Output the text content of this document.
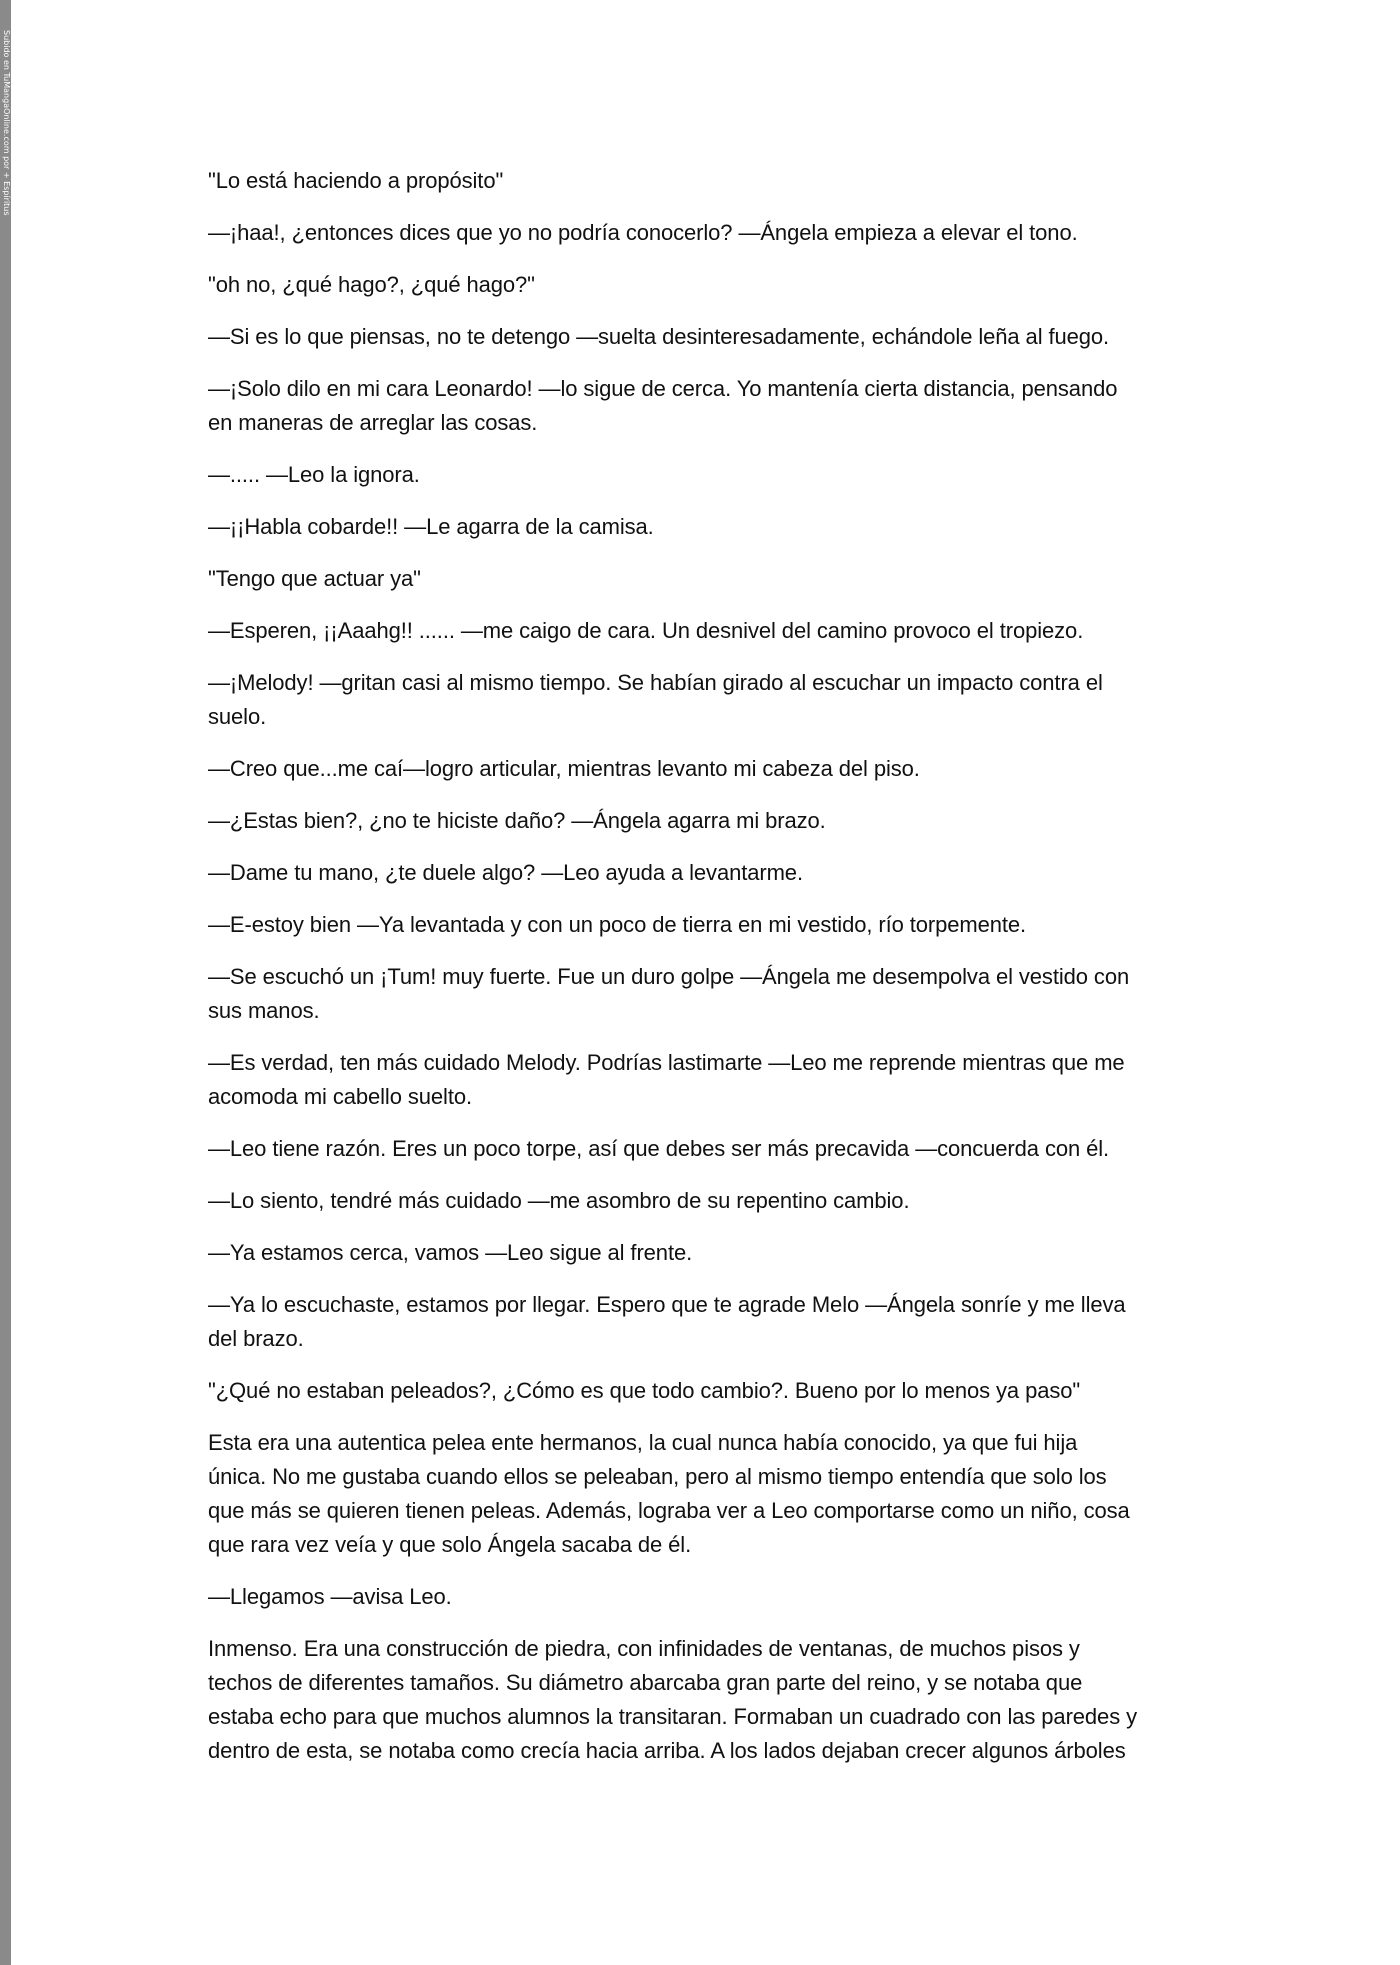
Subido en TuMangaOnline.com por + Espíritus	"Lo está haciendo a propósito"

—¡haa!, ¿entonces dices que yo no podría conocerlo? —Ángela empieza a elevar el tono.

"oh no, ¿qué hago?, ¿qué hago?"

—Si es lo que piensas, no te detengo —suelta desinteresadamente, echándole leña al fuego.

—¡Solo dilo en mi cara Leonardo! —lo sigue de cerca. Yo mantenía cierta distancia, pensando
en maneras de arreglar las cosas.

—..... —Leo la ignora.

—¡¡Habla cobarde!! —Le agarra de la camisa.

"Tengo que actuar ya"

—Esperen, ¡¡Aaahg!! ...... —me caigo de cara. Un desnivel del camino provoco el tropiezo.

—¡Melody! —gritan casi al mismo tiempo. Se habían girado al escuchar un impacto contra el
suelo.

—Creo que...me caí—logro articular, mientras levanto mi cabeza del piso.

—¿Estas bien?, ¿no te hiciste daño? —Ángela agarra mi brazo.

—Dame tu mano, ¿te duele algo? —Leo ayuda a levantarme.

—E-estoy bien —Ya levantada y con un poco de tierra en mi vestido, río torpemente.

—Se escuchó un ¡Tum! muy fuerte. Fue un duro golpe —Ángela me desempolva el vestido con
sus manos.

—Es verdad, ten más cuidado Melody. Podrías lastimarte —Leo me reprende mientras que me
acomoda mi cabello suelto.

—Leo tiene razón. Eres un poco torpe, así que debes ser más precavida —concuerda con él.

—Lo siento, tendré más cuidado —me asombro de su repentino cambio.

—Ya estamos cerca, vamos —Leo sigue al frente.

—Ya lo escuchaste, estamos por llegar. Espero que te agrade Melo —Ángela sonríe y me lleva
del brazo.

"¿Qué no estaban peleados?, ¿Cómo es que todo cambio?. Bueno por lo menos ya paso"

Esta era una autentica pelea ente hermanos, la cual nunca había conocido, ya que fui hija
única. No me gustaba cuando ellos se peleaban, pero al mismo tiempo entendía que solo los
que más se quieren tienen peleas. Además, lograba ver a Leo comportarse como un niño, cosa
que rara vez veía y que solo Ángela sacaba de él.

—Llegamos —avisa Leo.

Inmenso. Era una construcción de piedra, con infinidades de ventanas, de muchos pisos y
techos de diferentes tamaños. Su diámetro abarcaba gran parte del reino, y se notaba que
estaba echo para que muchos alumnos la transitaran. Formaban un cuadrado con las paredes y
dentro de esta, se notaba como crecía hacia arriba. A los lados dejaban crecer algunos árboles
